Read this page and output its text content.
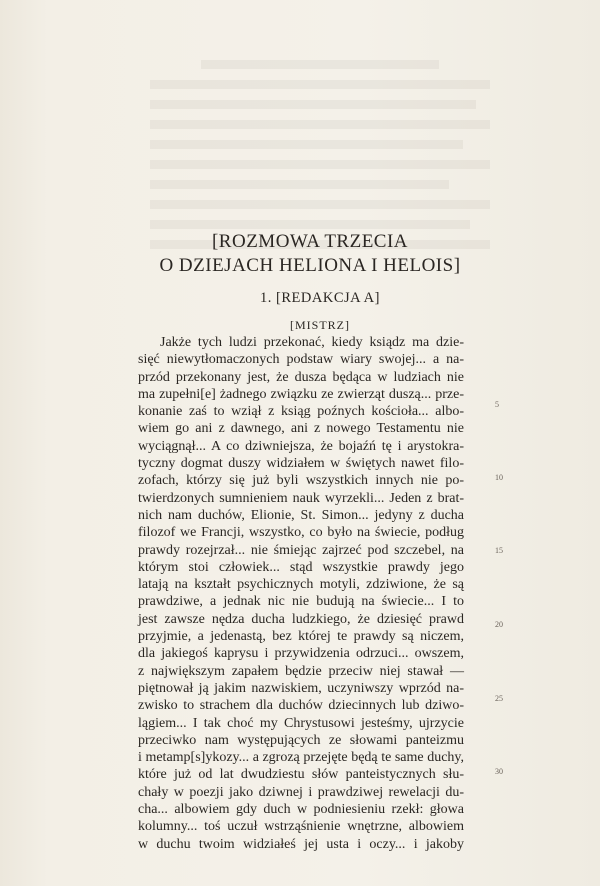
[ROZMOWA TRZECIA
O DZIEJACH HELIONA I HELOIS]
1. [REDAKCJA A]
[MISTRZ]
Jakże tych ludzi przekonać, kiedy ksiądz ma dzie-
sięć niewytłomaczonych podstaw wiary swojej... a na-
przód przekonany jest, że dusza będąca w ludziach nie
ma zupełni[e] żadnego związku ze zwierząt duszą... prze-
konanie zaś to wziął z ksiąg poźnych kościoła... albo-
wiem go ani z dawnego, ani z nowego Testamentu nie
wyciągnął... A co dziwniejsza, że bojaźń tę i arystokra-
tyczny dogmat duszy widziałem w świętych nawet filo-
zofach, którzy się już byli wszystkich innych nie po-
twierdzonych sumnieniem nauk wyrzekli... Jeden z brat-
nich nam duchów, Elionie, St. Simon... jedyny z ducha
filozof we Francji, wszystko, co było na świecie, podług
prawdy rozejrzał... nie śmiejąc zajrzeć pod szczebel, na
którym stoi człowiek... stąd wszystkie prawdy jego
latają na kształt psychicznych motyli, zdziwione, że są
prawdziwe, a jednak nic nie budują na świecie... I to
jest zawsze nędza ducha ludzkiego, że dziesięć prawd
przyjmie, a jedenastą, bez której te prawdy są niczem,
dla jakiegoś kaprysu i przywidzenia odrzuci... owszem,
z największym zapałem będzie przeciw niej stawał —
piętnował ją jakim nazwiskiem, uczyniwszy wprzód na-
zwisko to strachem dla duchów dziecinnych lub dziwo-
lągiem... I tak choć my Chrystusowi jesteśmy, ujrzycie
przeciwko nam występujących ze słowami panteizmu
i metamp[s]ykozy... a zgrozą przejęte będą te same duchy,
które już od lat dwudziestu słów panteistycznych słu-
chały w poezji jako dziwnej i prawdziwej rewelacji du-
cha... albowiem gdy duch w podniesieniu rzekł: głowa
kolumny... toś uczuł wstrząśnienie wnętrzne, albowiem
w duchu twoim widziałeś jej usta i oczy... i jakoby
5
10
15
20
25
30
